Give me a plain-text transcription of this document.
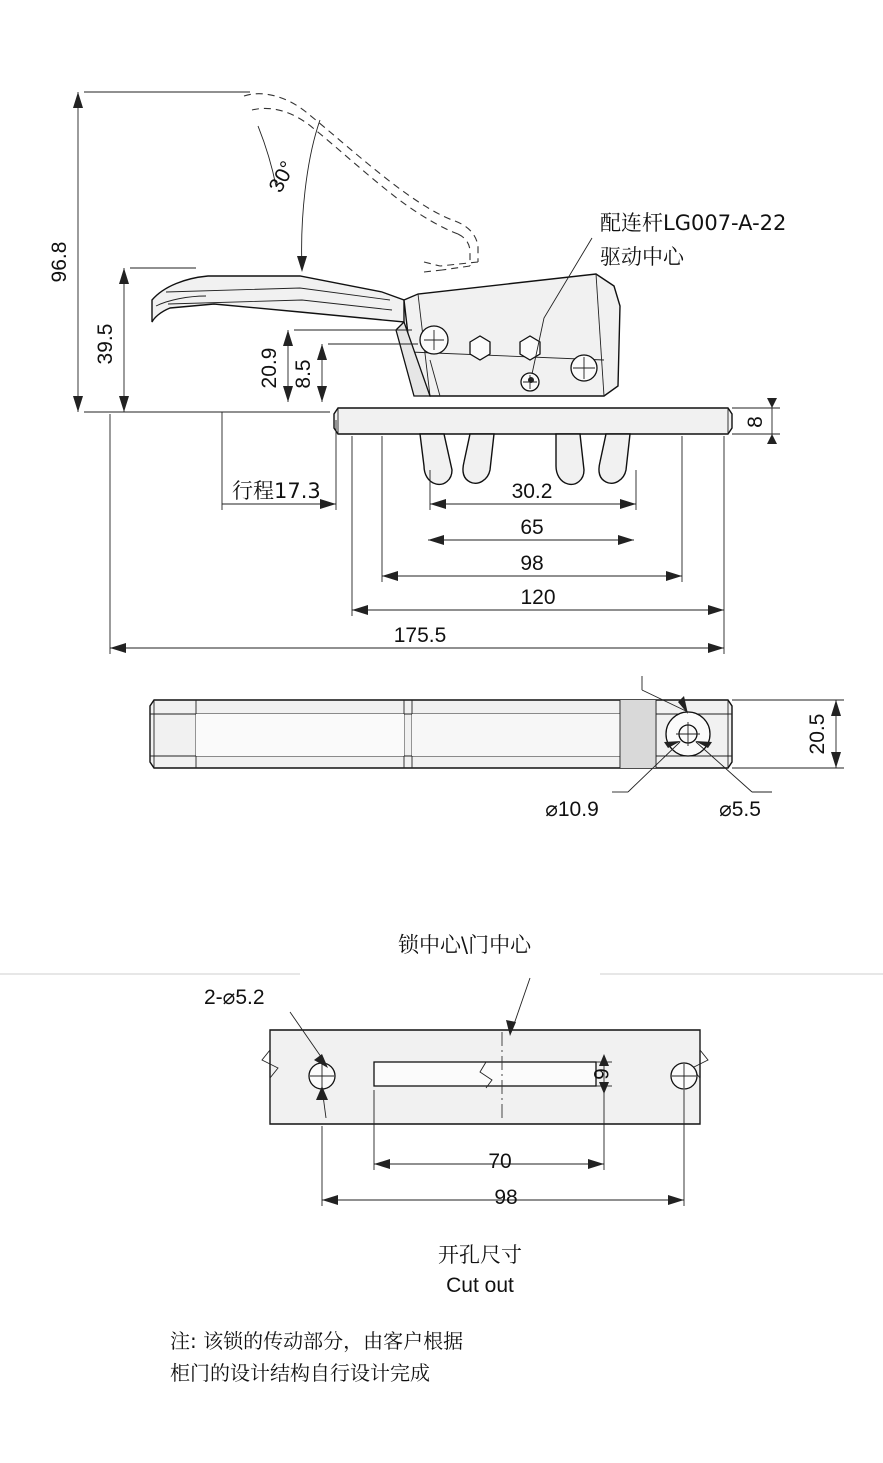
96.8
39.5
20.9 8.5
30°
配连杆LG007-A-22
驱动中心
8
行程17.3	30.2
65
98
120
175.5
20.5
⌀10.9	⌀5.5
锁中心\门中心
2-⌀5.2
6
70
98
开孔尺寸
Cut out
注: 该锁的传动部分，由客户根据
柜门的设计结构自行设计完成
